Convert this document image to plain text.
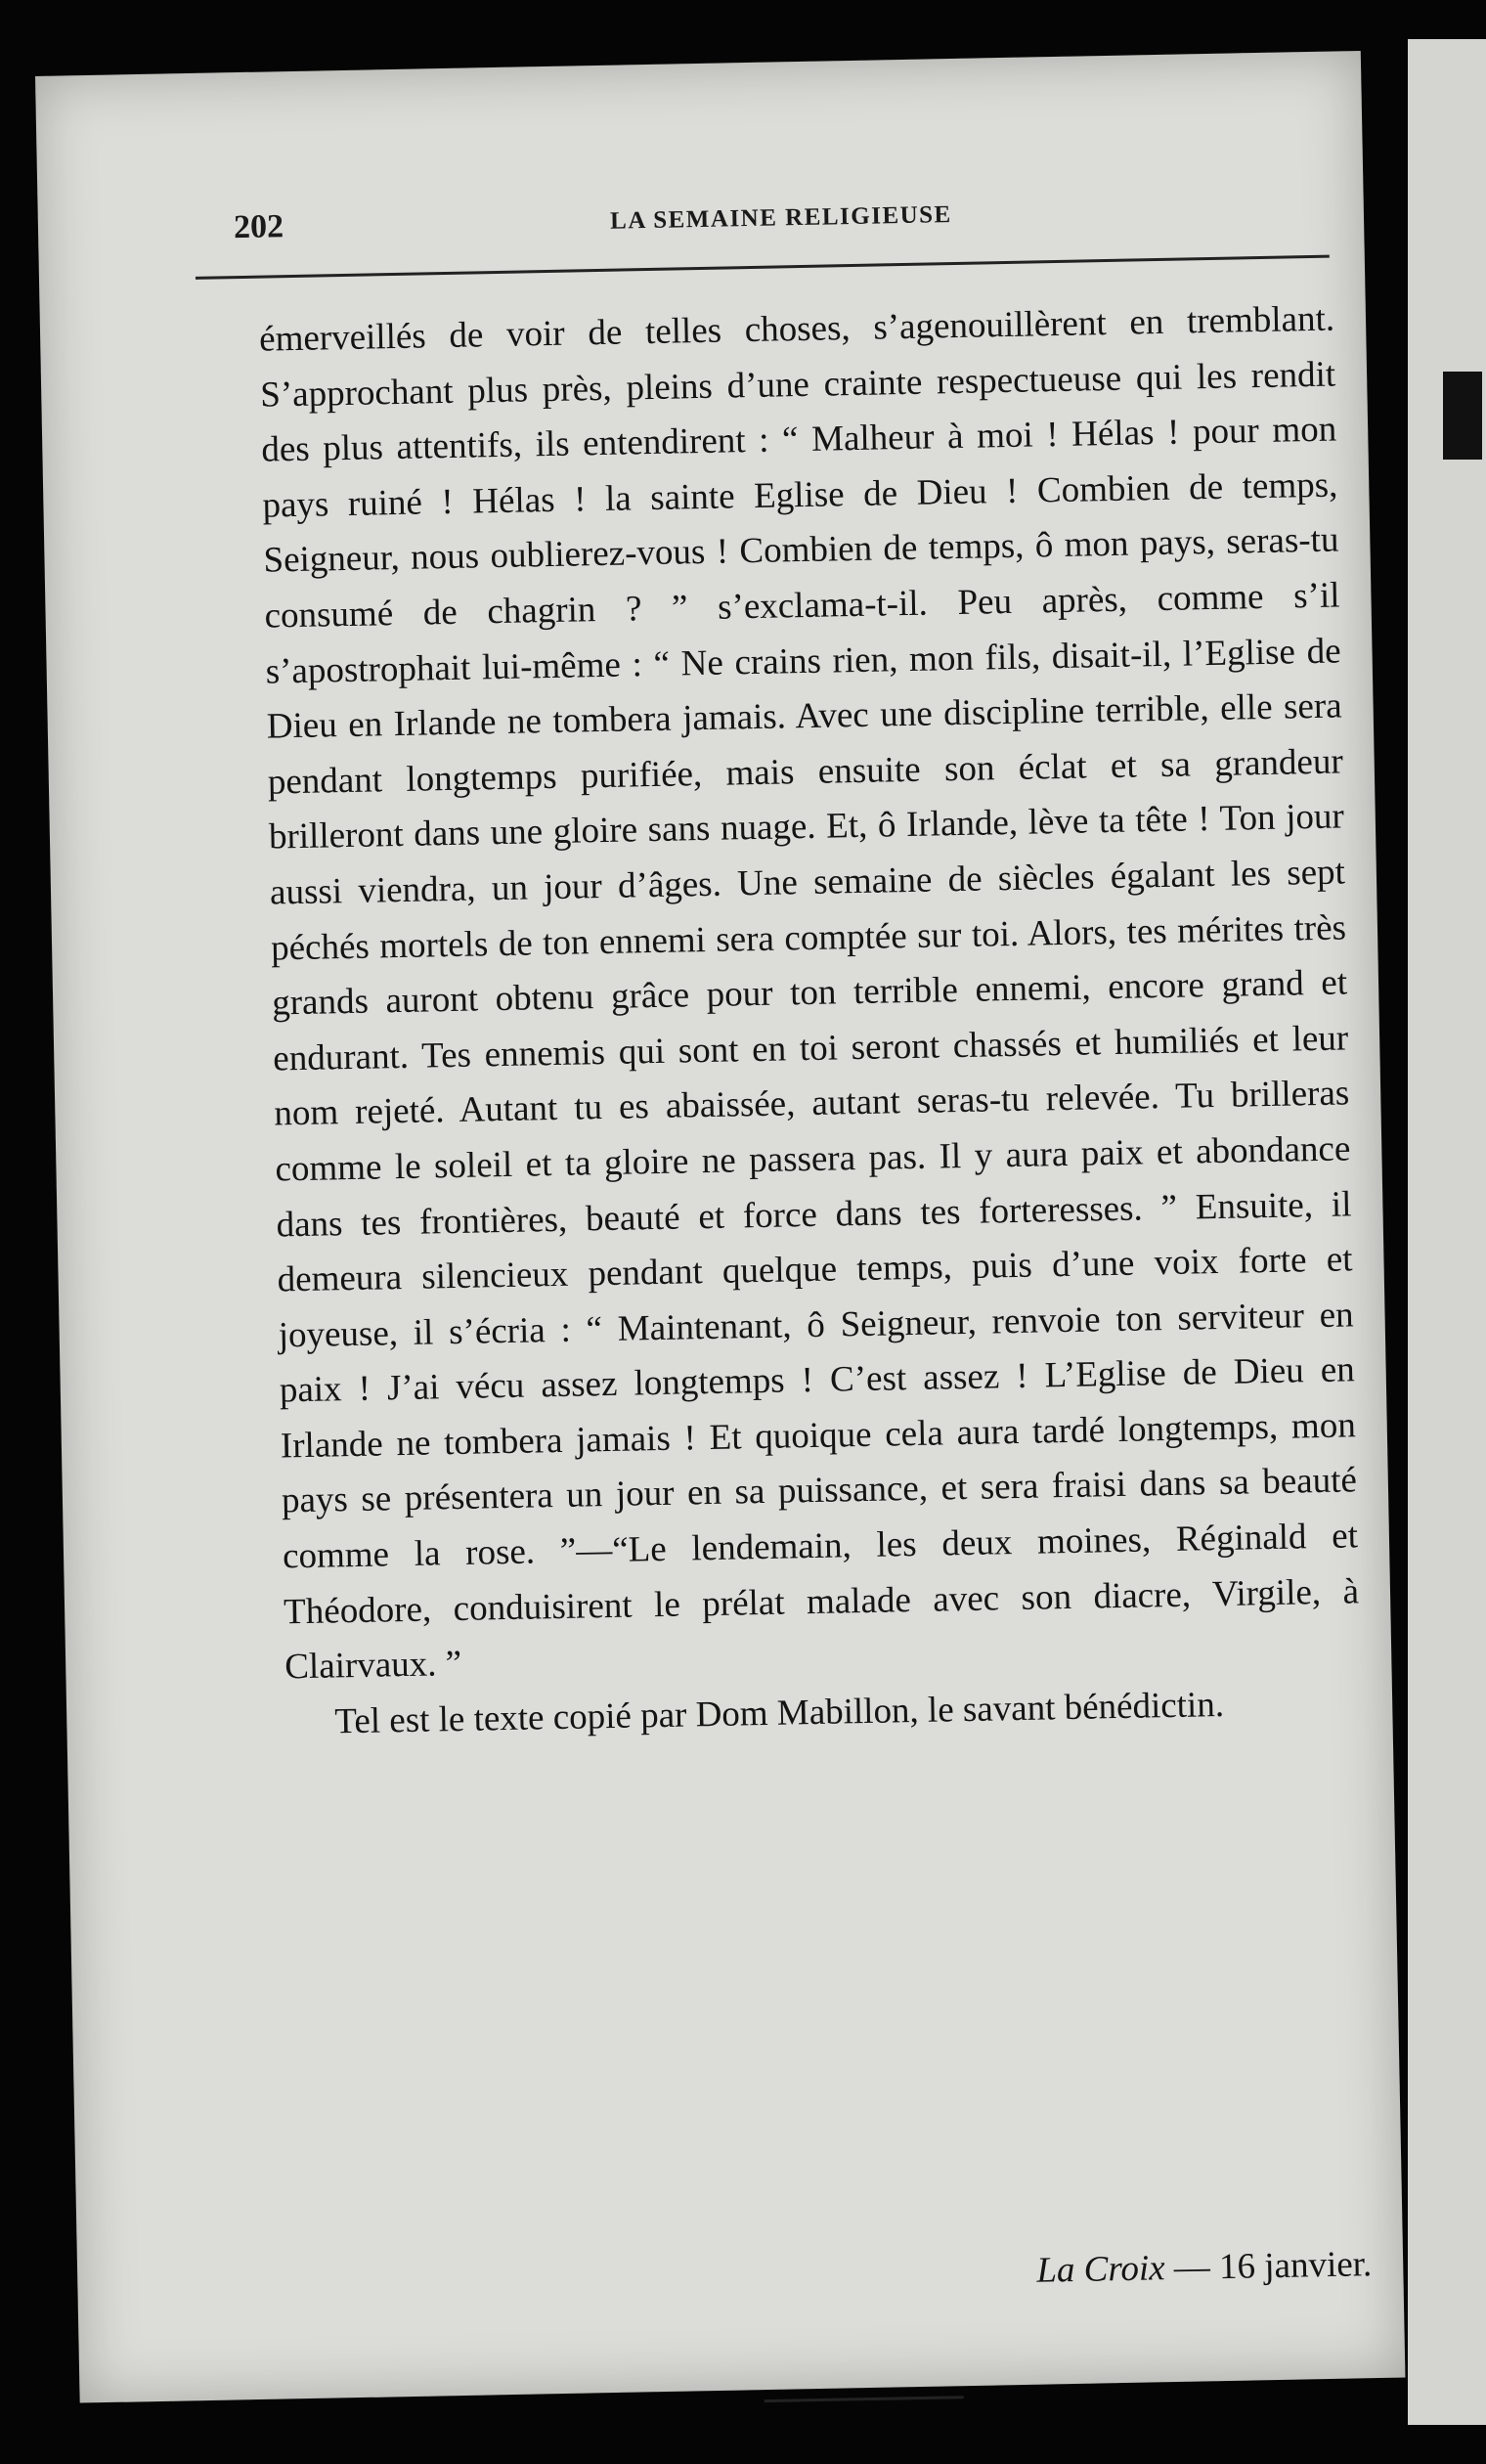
202	LA SEMAINE RELIGIEUSE

émerveillés de voir de telles choses, s’agenouillèrent en tremblant. S’approchant plus près, pleins d’une crainte respectueuse qui les rendit des plus attentifs, ils entendirent : “ Malheur à moi ! Hélas ! pour mon pays ruiné ! Hélas ! la sainte Eglise de Dieu ! Combien de temps, Seigneur, nous oublierez-vous ! Combien de temps, ô mon pays, seras-tu consumé de chagrin ? ” s’exclama-t-il. Peu après, comme s’il s’apostrophait lui-même : “ Ne crains rien, mon fils, disait-il, l’Eglise de Dieu en Irlande ne tombera jamais. Avec une discipline terrible, elle sera pendant longtemps purifiée, mais ensuite son éclat et sa grandeur brilleront dans une gloire sans nuage. Et, ô Irlande, lève ta tête ! Ton jour aussi viendra, un jour d’âges. Une semaine de siècles égalant les sept péchés mortels de ton ennemi sera comptée sur toi. Alors, tes mérites très grands auront obtenu grâce pour ton terrible ennemi, encore grand et endurant. Tes ennemis qui sont en toi seront chassés et humiliés et leur nom rejeté. Autant tu es abaissée, autant seras-tu relevée. Tu brilleras comme le soleil et ta gloire ne passera pas. Il y aura paix et abondance dans tes frontières, beauté et force dans tes forteresses. ” Ensuite, il demeura silencieux pendant quelque temps, puis d’une voix forte et joyeuse, il s’écria : “ Maintenant, ô Seigneur, renvoie ton serviteur en paix ! J’ai vécu assez longtemps ! C’est assez ! L’Eglise de Dieu en Irlande ne tombera jamais ! Et quoique cela aura tardé longtemps, mon pays se présentera un jour en sa puissance, et sera fraisi dans sa beauté comme la rose. ”—“Le lendemain, les deux moines, Réginald et Théodore, conduisirent le prélat malade avec son diacre, Virgile, à Clairvaux. ”

Tel est le texte copié par Dom Mabillon, le savant bénédictin.

La Croix — 16 janvier.
